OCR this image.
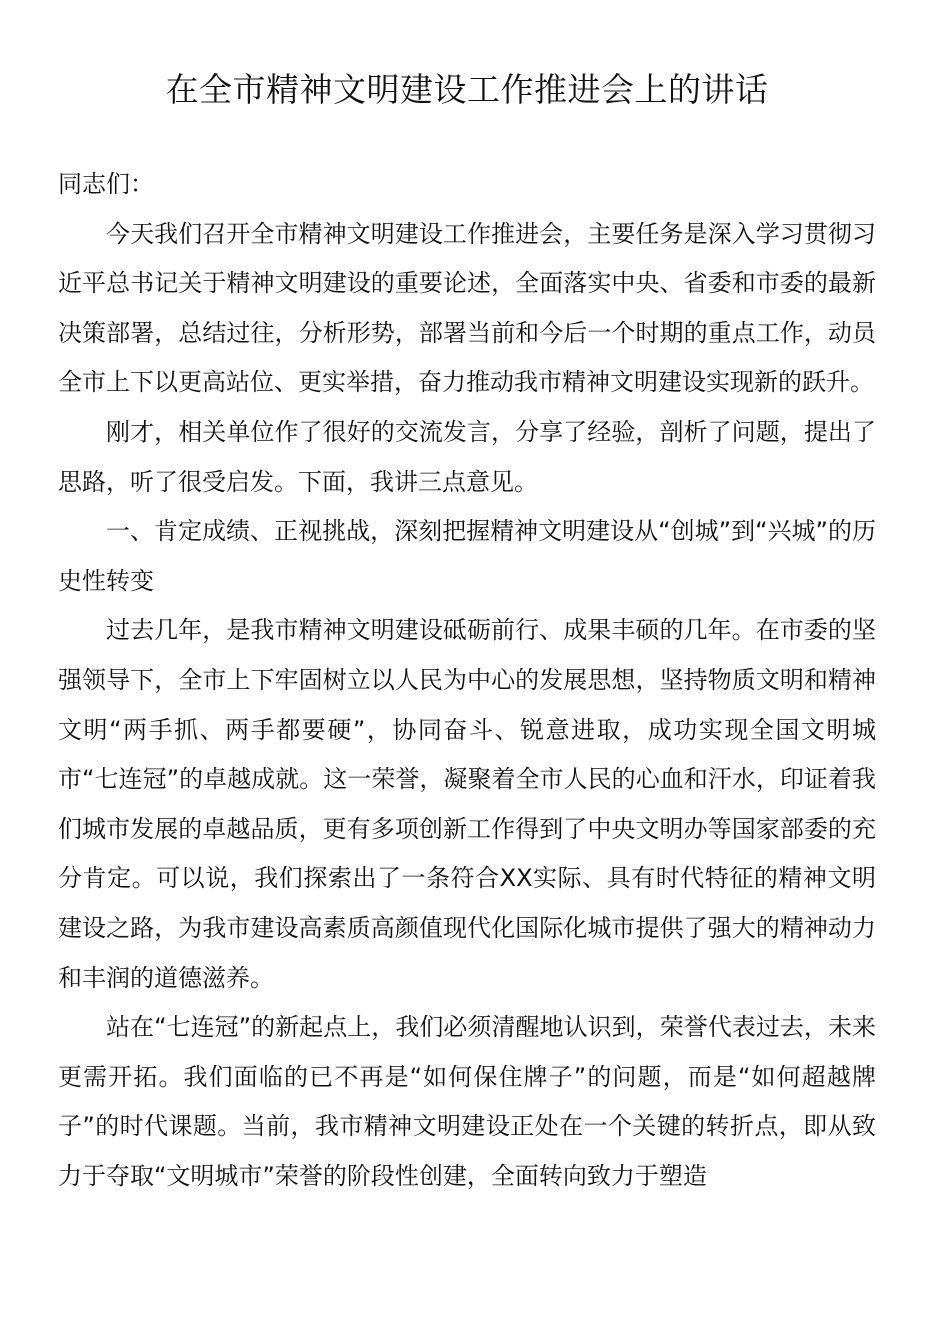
在全市精神文明建设工作推进会上的讲话

同志们：

今天我们召开全市精神文明建设工作推进会，主要任务是深入学习贯彻习近平总书记关于精神文明建设的重要论述，全面落实中央、省委和市委的最新决策部署，总结过往，分析形势，部署当前和今后一个时期的重点工作，动员全市上下以更高站位、更实举措，奋力推动我市精神文明建设实现新的跃升。

刚才，相关单位作了很好的交流发言，分享了经验，剖析了问题，提出了思路，听了很受启发。下面，我讲三点意见。

一、肯定成绩、正视挑战，深刻把握精神文明建设从“创城”到“兴城”的历史性转变

过去几年，是我市精神文明建设砥砺前行、成果丰硕的几年。在市委的坚强领导下，全市上下牢固树立以人民为中心的发展思想，坚持物质文明和精神文明“两手抓、两手都要硬”，协同奋斗、锐意进取，成功实现全国文明城市“七连冠”的卓越成就。这一荣誉，凝聚着全市人民的心血和汗水，印证着我们城市发展的卓越品质，更有多项创新工作得到了中央文明办等国家部委的充分肯定。可以说，我们探索出了一条符合XX实际、具有时代特征的精神文明建设之路，为我市建设高素质高颜值现代化国际化城市提供了强大的精神动力和丰润的道德滋养。

站在“七连冠”的新起点上，我们必须清醒地认识到，荣誉代表过去，未来更需开拓。我们面临的已不再是“如何保住牌子”的问题，而是“如何超越牌子”的时代课题。当前，我市精神文明建设正处在一个关键的转折点，即从致力于夺取“文明城市”荣誉的阶段性创建，全面转向致力于塑造
